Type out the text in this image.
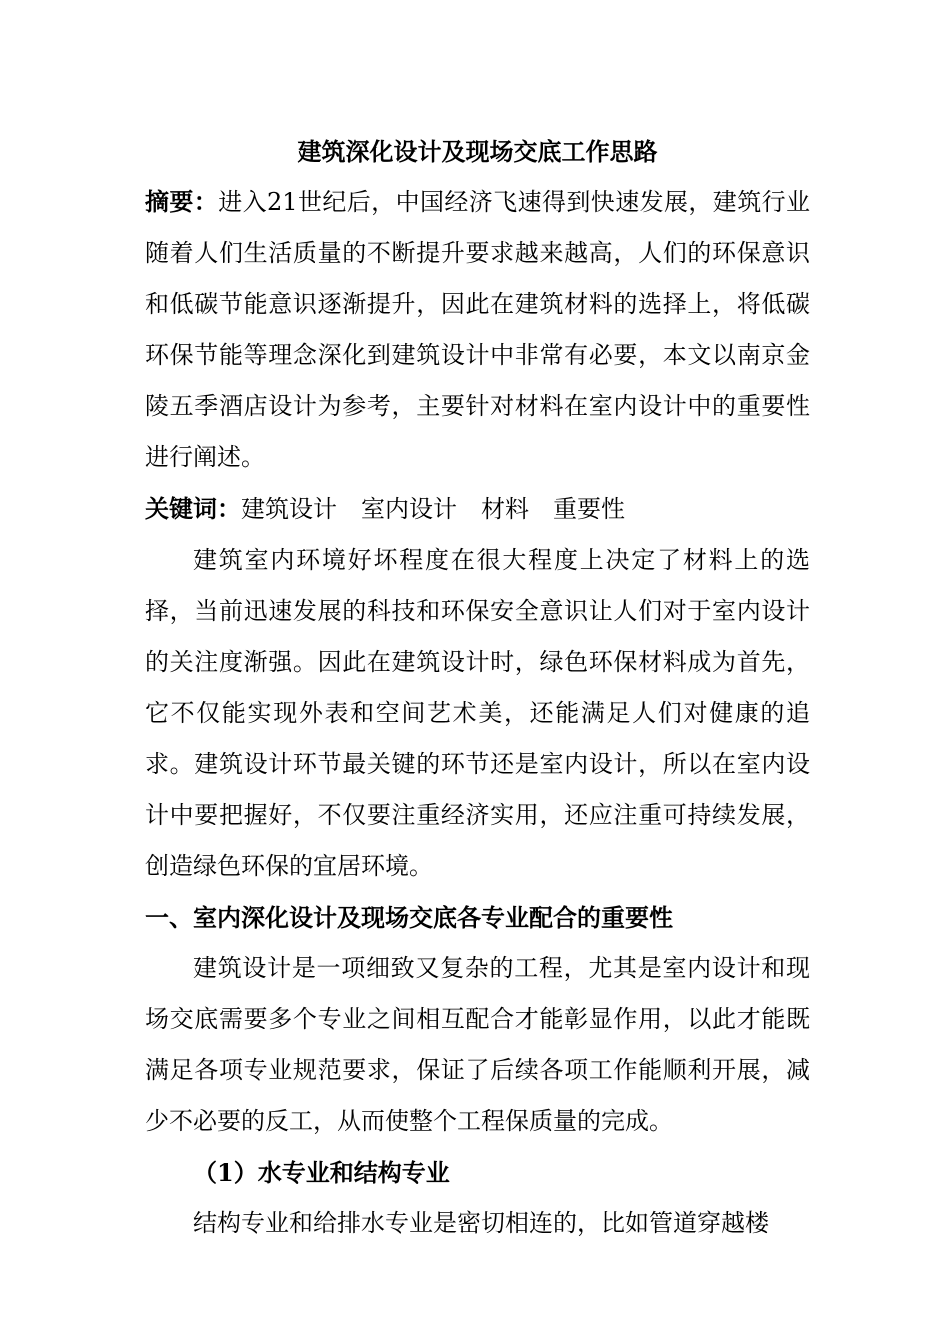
建筑深化设计及现场交底工作思路

摘要：进入21世纪后，中国经济飞速得到快速发展，建筑行业随着人们生活质量的不断提升要求越来越高，人们的环保意识和低碳节能意识逐渐提升，因此在建筑材料的选择上，将低碳环保节能等理念深化到建筑设计中非常有必要，本文以南京金陵五季酒店设计为参考，主要针对材料在室内设计中的重要性进行阐述。

关键词：建筑设计 室内设计 材料 重要性

建筑室内环境好坏程度在很大程度上决定了材料上的选择，当前迅速发展的科技和环保安全意识让人们对于室内设计的关注度渐强。因此在建筑设计时，绿色环保材料成为首先，它不仅能实现外表和空间艺术美，还能满足人们对健康的追求。建筑设计环节最关键的环节还是室内设计，所以在室内设计中要把握好，不仅要注重经济实用，还应注重可持续发展，创造绿色环保的宜居环境。

一、室内深化设计及现场交底各专业配合的重要性

建筑设计是一项细致又复杂的工程，尤其是室内设计和现场交底需要多个专业之间相互配合才能彰显作用，以此才能既满足各项专业规范要求，保证了后续各项工作能顺利开展，减少不必要的反工，从而使整个工程保质量的完成。

（1）水专业和结构专业

结构专业和给排水专业是密切相连的，比如管道穿越楼
